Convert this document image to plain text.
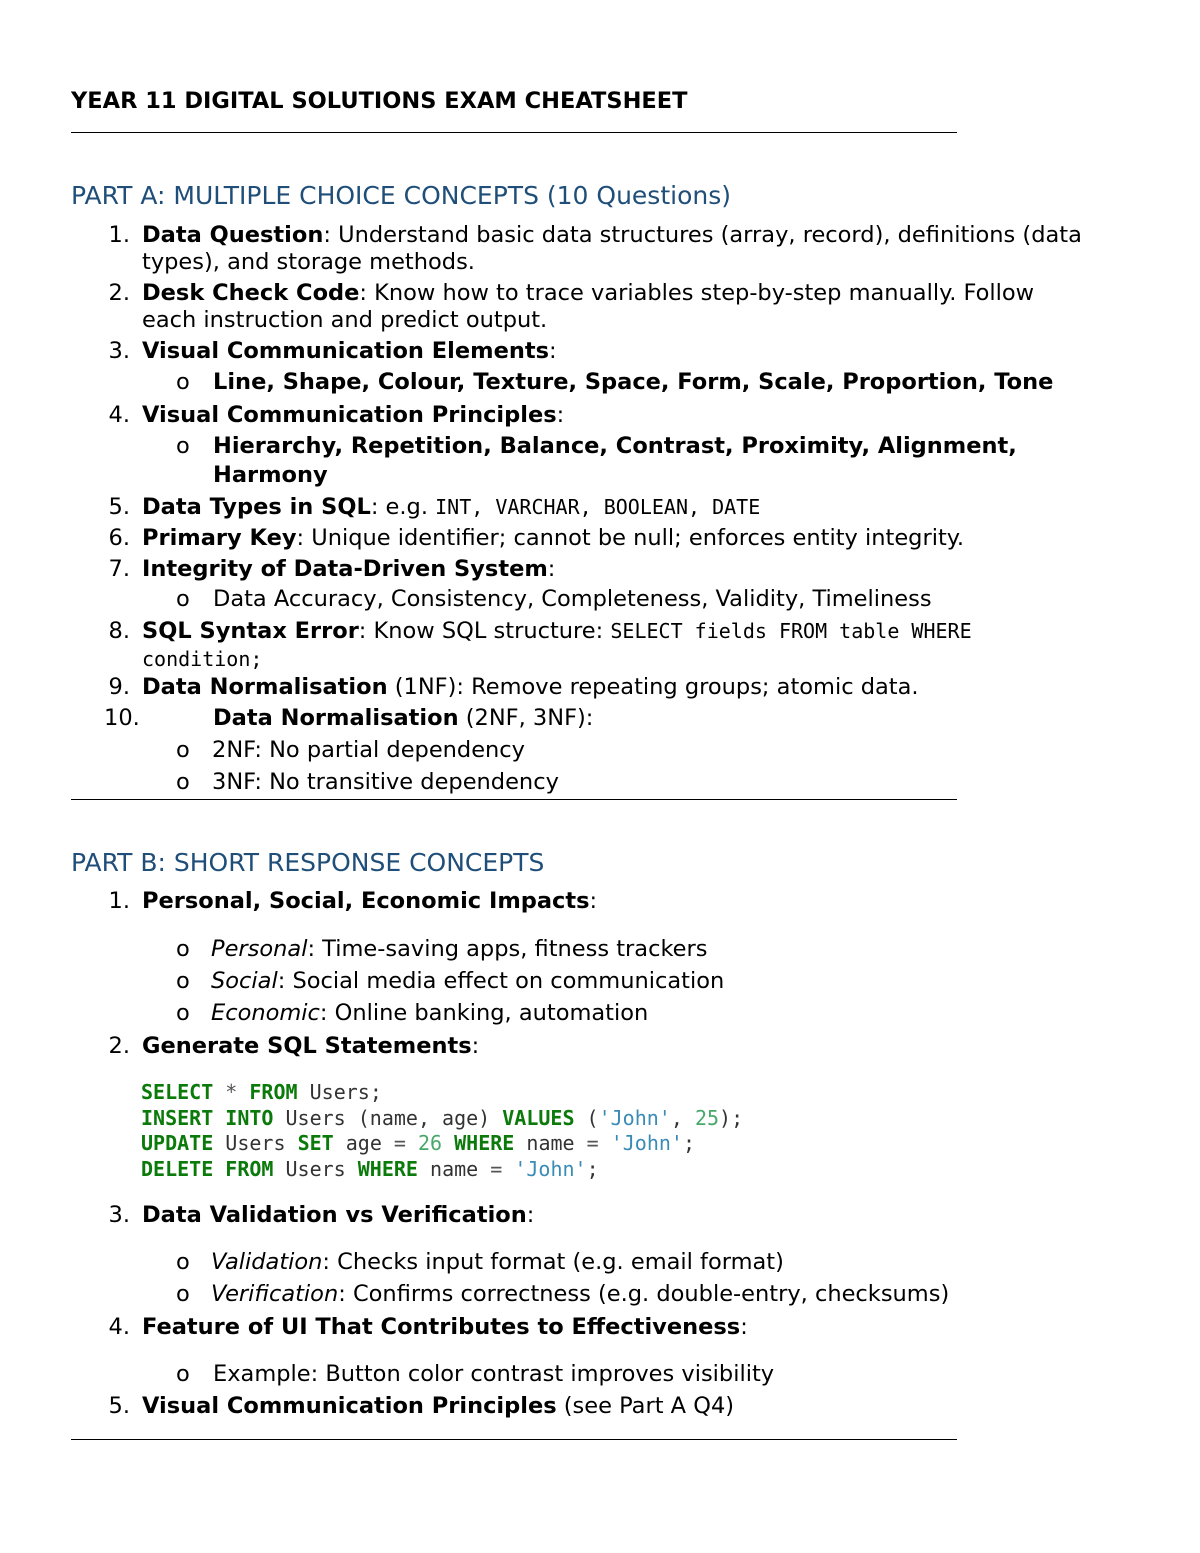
YEAR 11 DIGITAL SOLUTIONS EXAM CHEATSHEET
PART A: MULTIPLE CHOICE CONCEPTS (10 Questions)
1. Data Question: Understand basic data structures (array, record), definitions (data
types), and storage methods.
2. Desk Check Code: Know how to trace variables step-by-step manually. Follow
each instruction and predict output.
3. Visual Communication Elements:
o Line, Shape, Colour, Texture, Space, Form, Scale, Proportion, Tone
4. Visual Communication Principles:
o Hierarchy, Repetition, Balance, Contrast, Proximity, Alignment,
Harmony
5. Data Types in SQL: e.g. INT, VARCHAR, BOOLEAN, DATE
6. Primary Key: Unique identifier; cannot be null; enforces entity integrity.
7. Integrity of Data-Driven System:
o Data Accuracy, Consistency, Completeness, Validity, Timeliness
8. SQL Syntax Error: Know SQL structure: SELECT fields FROM table WHERE
condition;
9. Data Normalisation (1NF): Remove repeating groups; atomic data.
10.	Data Normalisation (2NF, 3NF):
o 2NF: No partial dependency
o 3NF: No transitive dependency
PART B: SHORT RESPONSE CONCEPTS
1. Personal, Social, Economic Impacts:
o Personal: Time-saving apps, fitness trackers
o Social: Social media effect on communication
o Economic: Online banking, automation
2. Generate SQL Statements:
SELECT * FROM Users;
INSERT INTO Users (name, age) VALUES ('John', 25);
UPDATE Users SET age = 26 WHERE name = 'John';
DELETE FROM Users WHERE name = 'John';
3. Data Validation vs Verification:
o Validation: Checks input format (e.g. email format)
o Verification: Confirms correctness (e.g. double-entry, checksums)
4. Feature of UI That Contributes to Effectiveness:
o Example: Button color contrast improves visibility
5. Visual Communication Principles (see Part A Q4)
